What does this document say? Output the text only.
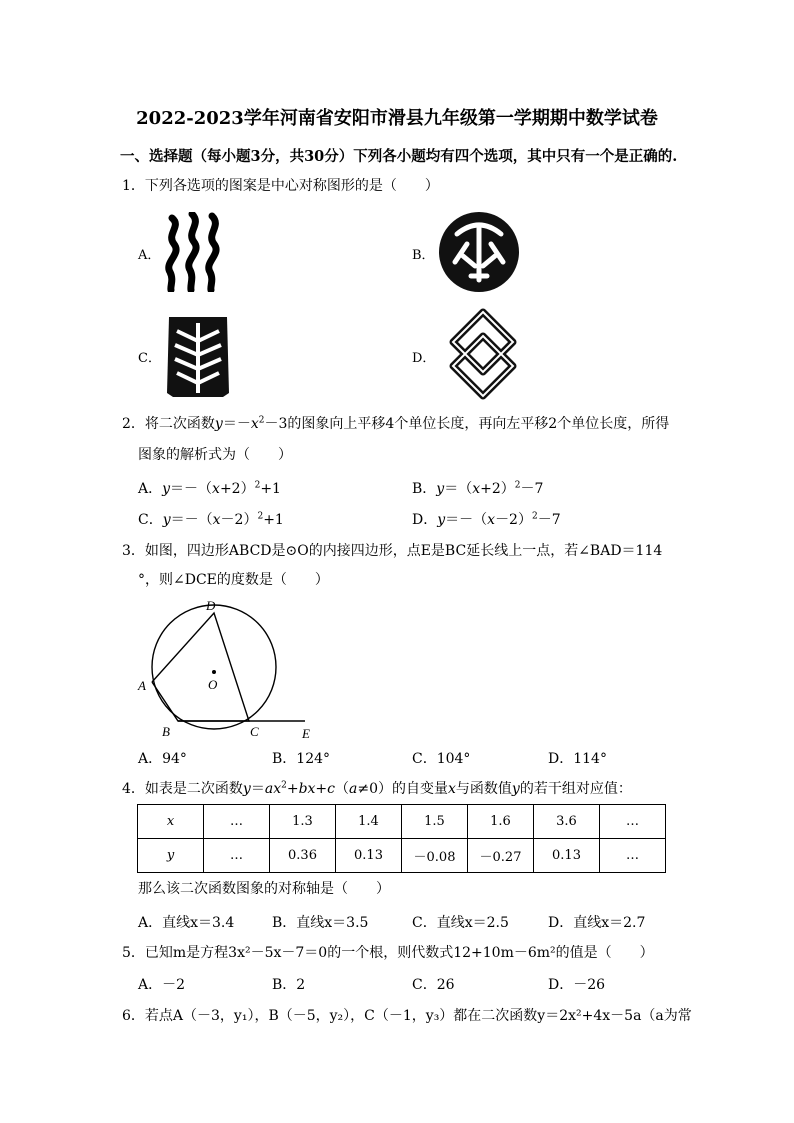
2022-2023学年河南省安阳市滑县九年级第一学期期中数学试卷
一、选择题（每小题3分，共30分）下列各小题均有四个选项，其中只有一个是正确的.
1．下列各选项的图案是中心对称图形的是（　　）
A．	B．
C．	D．
2．将二次函数$y=-x^2-3$的图象向上平移4个单位长度，再向左平移2个单位长度，所得
图象的解析式为（　　）
A．$y=-(x+2)^2+1$	B．$y=(x+2)^2-7$
C．$y=-(x-2)^2+1$	D．$y=-(x-2)^2-7$
3．如图，四边形ABCD是⊙O的内接四边形，点E是BC延长线上一点，若∠BAD＝114
°，则∠DCE的度数是（　　）
D
A	O
B	C	E
A．94°	B．124°	C．104°	D．114°
4．如表是二次函数$y=ax^2+bx+c(a\ne 0)$的自变量x与函数值y的若干组对应值：
x	…	1.3	1.4	1.5	1.6	3.6	…
y	…	0.36	0.13	－0.08	－0.27	0.13	…
那么该二次函数图象的对称轴是（　　）
A．直线x＝3.4	B．直线x＝3.5	C．直线x＝2.5	D．直线x＝2.7
5．已知m是方程3x²－5x－7＝0的一个根，则代数式12+10m－6m²的值是（　　）
A．－2	B．2	C．26	D．－26
6．若点A（－3，y₁），B（－5，y₂），C（－1，y₃）都在二次函数y＝2x²+4x－5a（a为常
